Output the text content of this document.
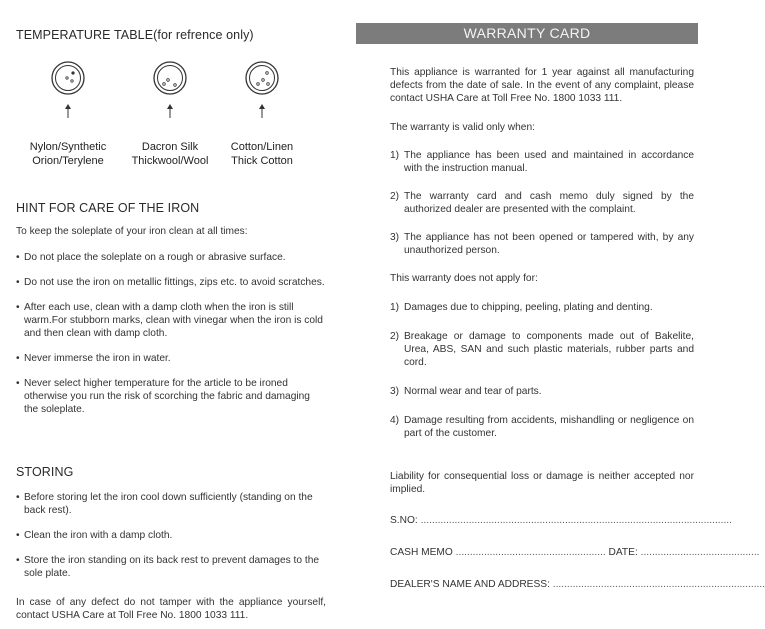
TEMPERATURE TABLE(for refrence only)
Nylon/Synthetic
Orion/Terylene
Dacron Silk
Thickwool/Wool
Cotton/Linen
Thick Cotton
HINT FOR CARE OF THE IRON
To keep the soleplate of your iron clean at all times:
• Do not place the soleplate on a rough or abrasive surface.
• Do not use the iron on metallic fittings, zips etc. to avoid scratches.
• After each use, clean with a damp cloth when the iron is still warm.For stubborn marks, clean with vinegar when the iron is cold and then clean with damp cloth.
• Never immerse the iron in water.
• Never select higher temperature for the article to be ironed otherwise you run the risk of scorching the fabric and damaging the soleplate.
STORING
• Before storing let the iron cool down sufficiently (standing on the back rest).
• Clean the iron with a damp cloth.
• Store the iron standing on its back rest to prevent damages to the sole plate.
In case of any defect do not tamper with the appliance yourself, contact USHA Care at Toll Free No. 1800 1033 111.
WARRANTY CARD
This appliance is warranted for 1 year against all manufacturing defects from the date of sale. In the event of any complaint, please contact USHA Care at Toll Free No. 1800 1033 111.
The warranty is valid only when:
1) The appliance has been used and maintained in accordance with the instruction manual.
2) The warranty card and cash memo duly signed by the authorized dealer are presented with the complaint.
3) The appliance has not been opened or tampered with, by any unauthorized person.
This warranty does not apply for:
1) Damages due to chipping, peeling, plating and denting.
2) Breakage or damage to components made out of Bakelite, Urea, ABS, SAN and such plastic materials, rubber parts and cord.
3) Normal wear and tear of parts.
4) Damage resulting from accidents, mishandling or negligence on part of the customer.
Liability for consequential loss or damage is neither accepted nor implied.
S.NO: ..............................................................................................................
CASH MEMO ..................................................... DATE: ..........................................
DEALER'S NAME AND ADDRESS: ...........................................................................
